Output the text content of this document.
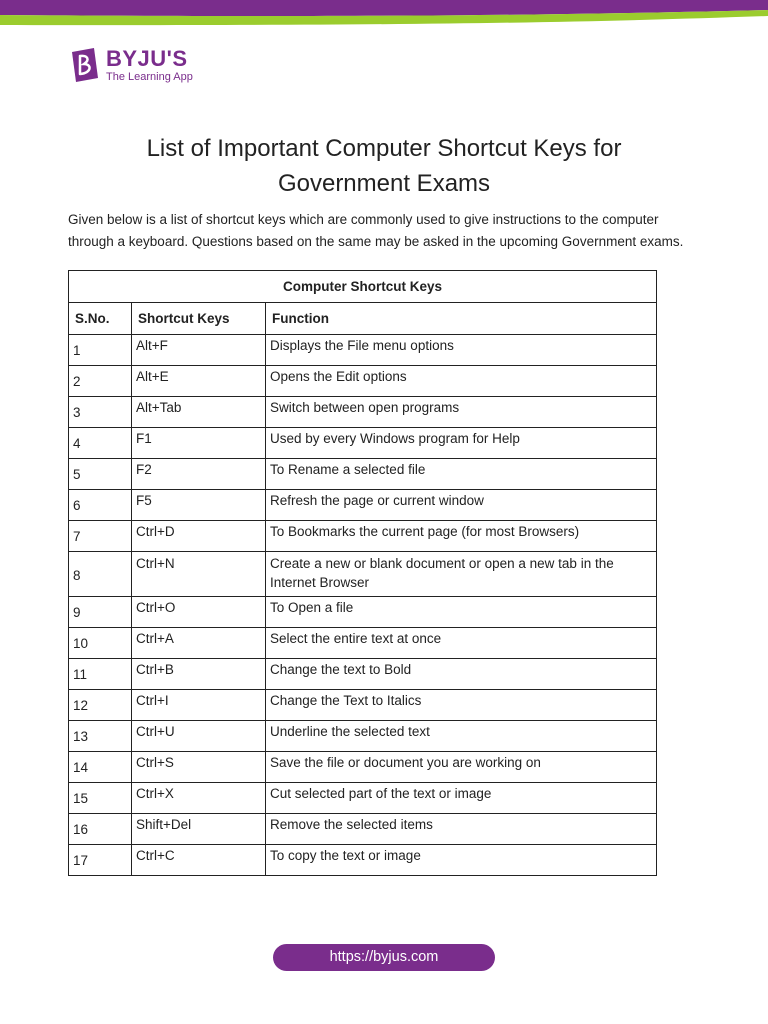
BYJU'S
The Learning App
List of Important Computer Shortcut Keys for
Government Exams
Given below is a list of shortcut keys which are commonly used to give instructions to the computer
through a keyboard. Questions based on the same may be asked in the upcoming Government exams.
Computer Shortcut Keys		
S.No.	Shortcut Keys	Function
1	Alt+F	Displays the File menu options
2	Alt+E	Opens the Edit options
3	Alt+Tab	Switch between open programs
4	F1	Used by every Windows program for Help
5	F2	To Rename a selected file
6	F5	Refresh the page or current window
7	Ctrl+D	To Bookmarks the current page (for most Browsers)
8	Ctrl+N	Create a new or blank document or open a new tab in the Internet Browser
9	Ctrl+O	To Open a file
10	Ctrl+A	Select the entire text at once
11	Ctrl+B	Change the text to Bold
12	Ctrl+I	Change the Text to Italics
13	Ctrl+U	Underline the selected text
14	Ctrl+S	Save the file or document you are working on
15	Ctrl+X	Cut selected part of the text or image
16	Shift+Del	Remove the selected items
17	Ctrl+C	To copy the text or image
https://byjus.com
